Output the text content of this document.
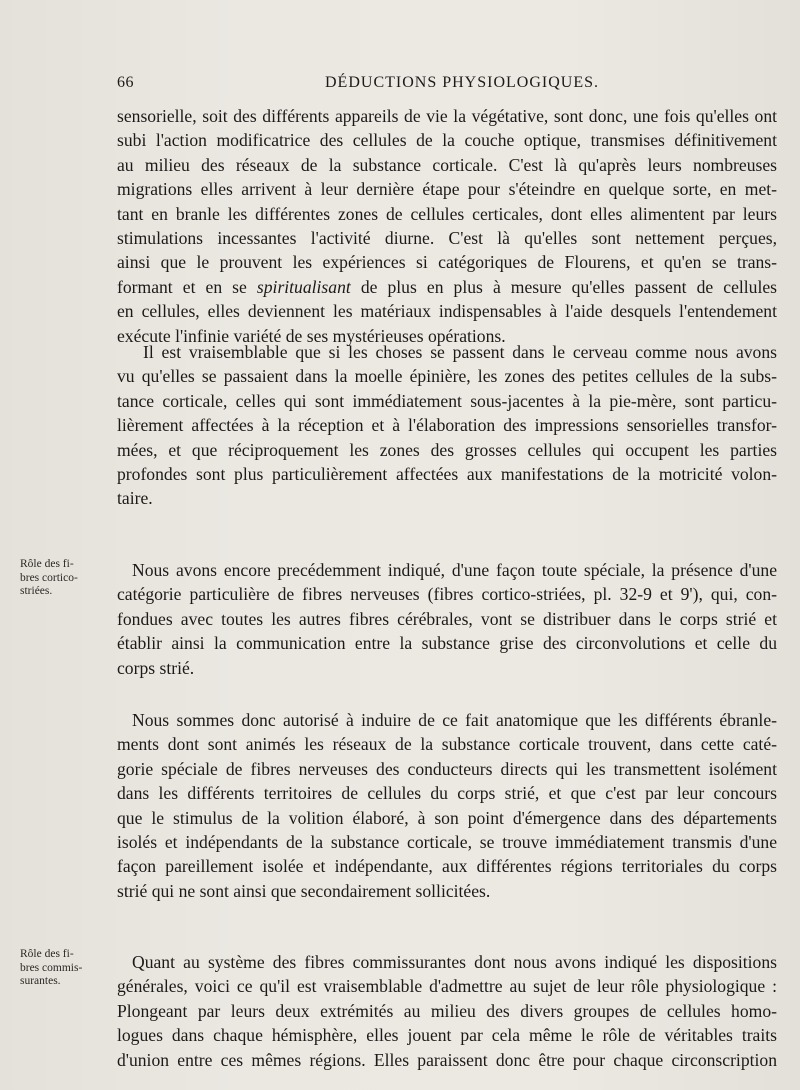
66	DÉDUCTIONS PHYSIOLOGIQUES.
sensorielle, soit des différents appareils de vie la végétative, sont donc, une fois qu'elles ont
subi l'action modificatrice des cellules de la couche optique, transmises définitivement
au milieu des réseaux de la substance corticale. C'est là qu'après leurs nombreuses
migrations elles arrivent à leur dernière étape pour s'éteindre en quelque sorte, en met-
tant en branle les différentes zones de cellules certicales, dont elles alimentent par leurs
stimulations incessantes l'activité diurne. C'est là qu'elles sont nettement perçues,
ainsi que le prouvent les expériences si catégoriques de Flourens, et qu'en se trans-
formant et en se spiritualisant de plus en plus à mesure qu'elles passent de cellules
en cellules, elles deviennent les matériaux indispensables à l'aide desquels l'entendement
exécute l'infinie variété de ses mystérieuses opérations.
Il est vraisemblable que si les choses se passent dans le cerveau comme nous avons
vu qu'elles se passaient dans la moelle épinière, les zones des petites cellules de la subs-
tance corticale, celles qui sont immédiatement sous-jacentes à la pie-mère, sont particu-
lièrement affectées à la réception et à l'élaboration des impressions sensorielles transfor-
mées, et que réciproquement les zones des grosses cellules qui occupent les parties
profondes sont plus particulièrement affectées aux manifestations de la motricité volon-
taire.
Rôle des fi-
bres cortico-
striées.
Nous avons encore precédemment indiqué, d'une façon toute spéciale, la présence d'une
catégorie particulière de fibres nerveuses (fibres cortico-striées, pl. 32-9 et 9'), qui, con-
fondues avec toutes les autres fibres cérébrales, vont se distribuer dans le corps strié et
établir ainsi la communication entre la substance grise des circonvolutions et celle du
corps strié.
Nous sommes donc autorisé à induire de ce fait anatomique que les différents ébranle-
ments dont sont animés les réseaux de la substance corticale trouvent, dans cette caté-
gorie spéciale de fibres nerveuses des conducteurs directs qui les transmettent isolément
dans les différents territoires de cellules du corps strié, et que c'est par leur concours
que le stimulus de la volition élaboré, à son point d'émergence dans des départements
isolés et indépendants de la substance corticale, se trouve immédiatement transmis d'une
façon pareillement isolée et indépendante, aux différentes régions territoriales du corps
strié qui ne sont ainsi que secondairement sollicitées.
Rôle des fi-
bres commis-
surantes.
Quant au système des fibres commissurantes dont nous avons indiqué les dispositions
générales, voici ce qu'il est vraisemblable d'admettre au sujet de leur rôle physiologique :
Plongeant par leurs deux extrémités au milieu des divers groupes de cellules homo-
logues dans chaque hémisphère, elles jouent par cela même le rôle de véritables traits
d'union entre ces mêmes régions. Elles paraissent donc être pour chaque circonscription
